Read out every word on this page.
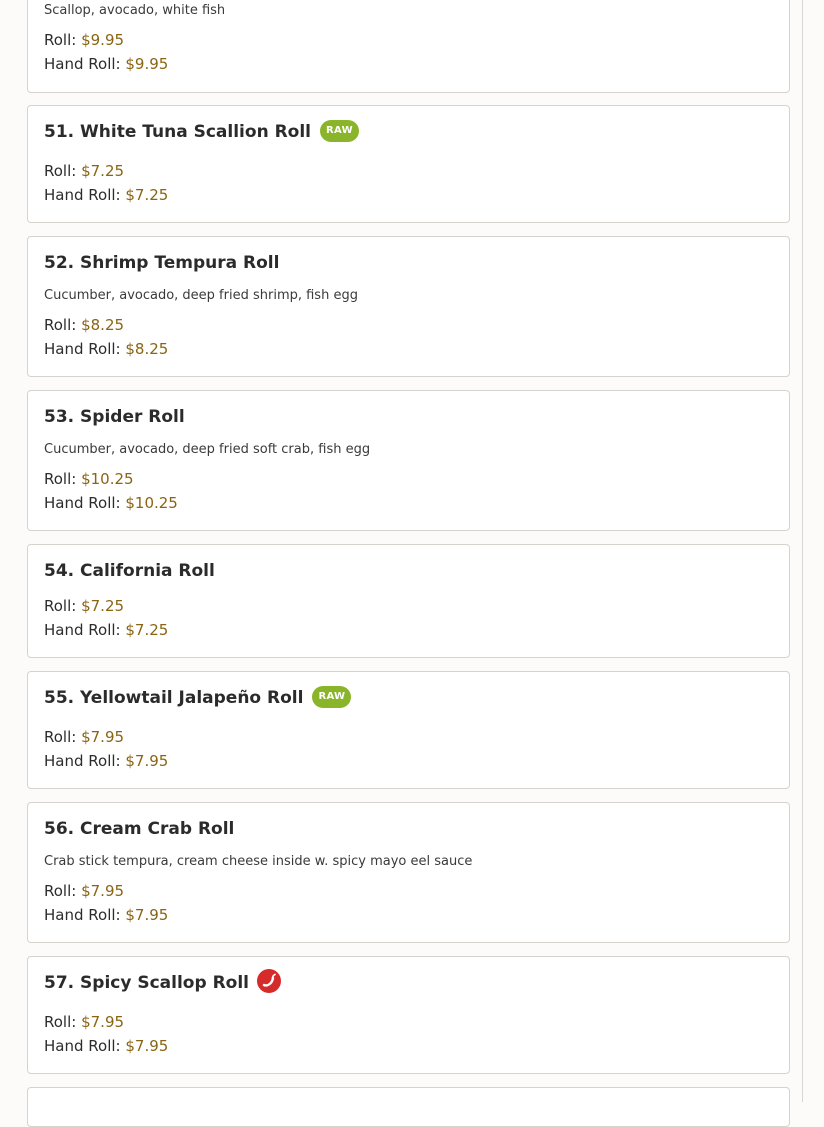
Scallop, avocado, white fish
Roll: $9.95
Hand Roll: $9.95
51. White Tuna Scallion Roll RAW
Roll: $7.25
Hand Roll: $7.25
52. Shrimp Tempura Roll
Cucumber, avocado, deep fried shrimp, fish egg
Roll: $8.25
Hand Roll: $8.25
53. Spider Roll
Cucumber, avocado, deep fried soft crab, fish egg
Roll: $10.25
Hand Roll: $10.25
54. California Roll
Roll: $7.25
Hand Roll: $7.25
55. Yellowtail Jalapeño Roll RAW
Roll: $7.95
Hand Roll: $7.95
56. Cream Crab Roll
Crab stick tempura, cream cheese inside w. spicy mayo eel sauce
Roll: $7.95
Hand Roll: $7.95
57. Spicy Scallop Roll
Roll: $7.95
Hand Roll: $7.95
